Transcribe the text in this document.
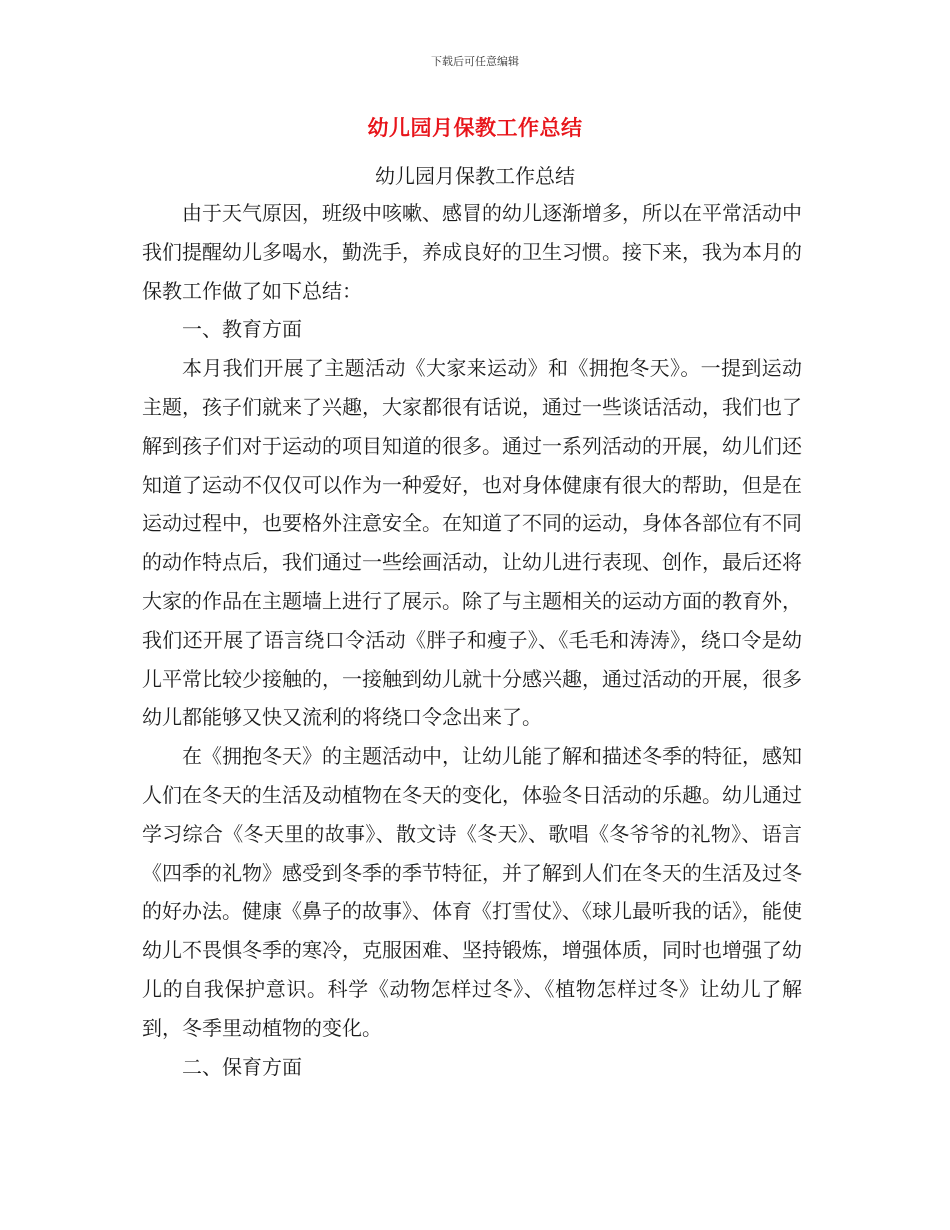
下载后可任意编辑
幼儿园月保教工作总结
幼儿园月保教工作总结

由于天气原因，班级中咳嗽、感冒的幼儿逐渐增多，所以在平常活动中我们提醒幼儿多喝水，勤洗手，养成良好的卫生习惯。接下来，我为本月的保教工作做了如下总结：

一、教育方面

本月我们开展了主题活动《大家来运动》和《拥抱冬天》。一提到运动主题，孩子们就来了兴趣，大家都很有话说，通过一些谈话活动，我们也了解到孩子们对于运动的项目知道的很多。通过一系列活动的开展，幼儿们还知道了运动不仅仅可以作为一种爱好，也对身体健康有很大的帮助，但是在运动过程中，也要格外注意安全。在知道了不同的运动，身体各部位有不同的动作特点后，我们通过一些绘画活动，让幼儿进行表现、创作，最后还将大家的作品在主题墙上进行了展示。除了与主题相关的运动方面的教育外，我们还开展了语言绕口令活动《胖子和瘦子》、《毛毛和涛涛》，绕口令是幼儿平常比较少接触的，一接触到幼儿就十分感兴趣，通过活动的开展，很多幼儿都能够又快又流利的将绕口令念出来了。

在《拥抱冬天》的主题活动中，让幼儿能了解和描述冬季的特征，感知人们在冬天的生活及动植物在冬天的变化，体验冬日活动的乐趣。幼儿通过学习综合《冬天里的故事》、散文诗《冬天》、歌唱《冬爷爷的礼物》、语言《四季的礼物》感受到冬季的季节特征，并了解到人们在冬天的生活及过冬的好办法。健康《鼻子的故事》、体育《打雪仗》、《球儿最听我的话》，能使幼儿不畏惧冬季的寒冷，克服困难、坚持锻炼，增强体质，同时也增强了幼儿的自我保护意识。科学《动物怎样过冬》、《植物怎样过冬》让幼儿了解到，冬季里动植物的变化。

二、保育方面
